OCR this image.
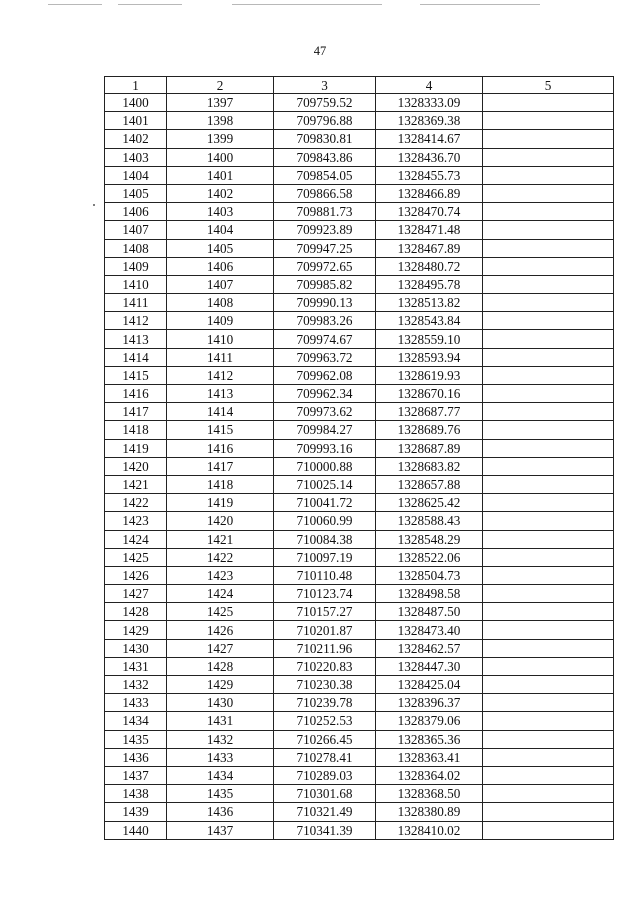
47
1	2	3	4	5
1400	1397	709759.52	1328333.09	
1401	1398	709796.88	1328369.38	
1402	1399	709830.81	1328414.67	
1403	1400	709843.86	1328436.70	
1404	1401	709854.05	1328455.73	
1405	1402	709866.58	1328466.89	
1406	1403	709881.73	1328470.74	
1407	1404	709923.89	1328471.48	
1408	1405	709947.25	1328467.89	
1409	1406	709972.65	1328480.72	
1410	1407	709985.82	1328495.78	
1411	1408	709990.13	1328513.82	
1412	1409	709983.26	1328543.84	
1413	1410	709974.67	1328559.10	
1414	1411	709963.72	1328593.94	
1415	1412	709962.08	1328619.93	
1416	1413	709962.34	1328670.16	
1417	1414	709973.62	1328687.77	
1418	1415	709984.27	1328689.76	
1419	1416	709993.16	1328687.89	
1420	1417	710000.88	1328683.82	
1421	1418	710025.14	1328657.88	
1422	1419	710041.72	1328625.42	
1423	1420	710060.99	1328588.43	
1424	1421	710084.38	1328548.29	
1425	1422	710097.19	1328522.06	
1426	1423	710110.48	1328504.73	
1427	1424	710123.74	1328498.58	
1428	1425	710157.27	1328487.50	
1429	1426	710201.87	1328473.40	
1430	1427	710211.96	1328462.57	
1431	1428	710220.83	1328447.30	
1432	1429	710230.38	1328425.04	
1433	1430	710239.78	1328396.37	
1434	1431	710252.53	1328379.06	
1435	1432	710266.45	1328365.36	
1436	1433	710278.41	1328363.41	
1437	1434	710289.03	1328364.02	
1438	1435	710301.68	1328368.50	
1439	1436	710321.49	1328380.89	
1440	1437	710341.39	1328410.02	
